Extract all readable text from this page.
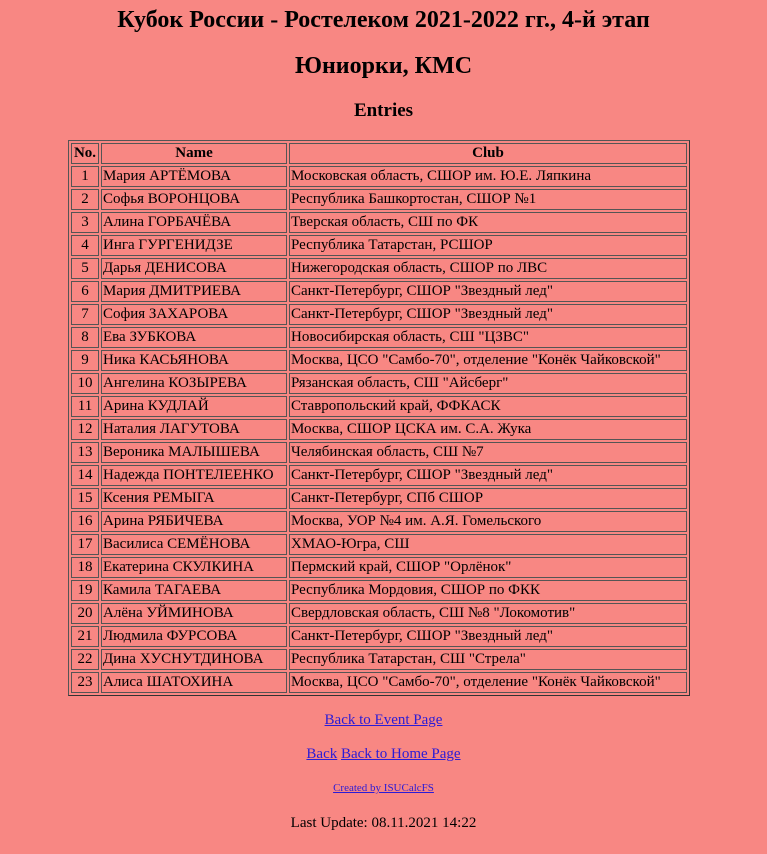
Кубок России - Ростелеком 2021-2022 гг., 4-й этап
Юниорки, КМС
Entries
No.	Name	Club
1	Мария АРТЁМОВА	Московская область, СШОР им. Ю.Е. Ляпкина
2	Софья ВОРОНЦОВА	Республика Башкортостан, СШОР №1
3	Алина ГОРБАЧЁВА	Тверская область, СШ по ФК
4	Инга ГУРГЕНИДЗЕ	Республика Татарстан, РСШОР
5	Дарья ДЕНИСОВА	Нижегородская область, СШОР по ЛВС
6	Мария ДМИТРИЕВА	Санкт-Петербург, СШОР "Звездный лед"
7	София ЗАХАРОВА	Санкт-Петербург, СШОР "Звездный лед"
8	Ева ЗУБКОВА	Новосибирская область, СШ "ЦЗВС"
9	Ника КАСЬЯНОВА	Москва, ЦСО "Самбо-70", отделение "Конёк Чайковской"
10	Ангелина КОЗЫРЕВА	Рязанская область, СШ "Айсберг"
11	Арина КУДЛАЙ	Ставропольский край, ФФКАСК
12	Наталия ЛАГУТОВА	Москва, СШОР ЦСКА им. С.А. Жука
13	Вероника МАЛЫШЕВА	Челябинская область, СШ №7
14	Надежда ПОНТЕЛЕЕНКО	Санкт-Петербург, СШОР "Звездный лед"
15	Ксения РЕМЫГА	Санкт-Петербург, СПб СШОР
16	Арина РЯБИЧЕВА	Москва, УОР №4 им. А.Я. Гомельского
17	Василиса СЕМЁНОВА	ХМАО-Югра, СШ
18	Екатерина СКУЛКИНА	Пермский край, СШОР "Орлёнок"
19	Камила ТАГАЕВА	Республика Мордовия, СШОР по ФКК
20	Алёна УЙМИНОВА	Свердловская область, СШ №8 "Локомотив"
21	Людмила ФУРСОВА	Санкт-Петербург, СШОР "Звездный лед"
22	Дина ХУСНУТДИНОВА	Республика Татарстан, СШ "Стрела"
23	Алиса ШАТОХИНА	Москва, ЦСО "Самбо-70", отделение "Конёк Чайковской"
Back to Event Page
Back Back to Home Page
Created by ISUCalcFS
Last Update: 08.11.2021 14:22
